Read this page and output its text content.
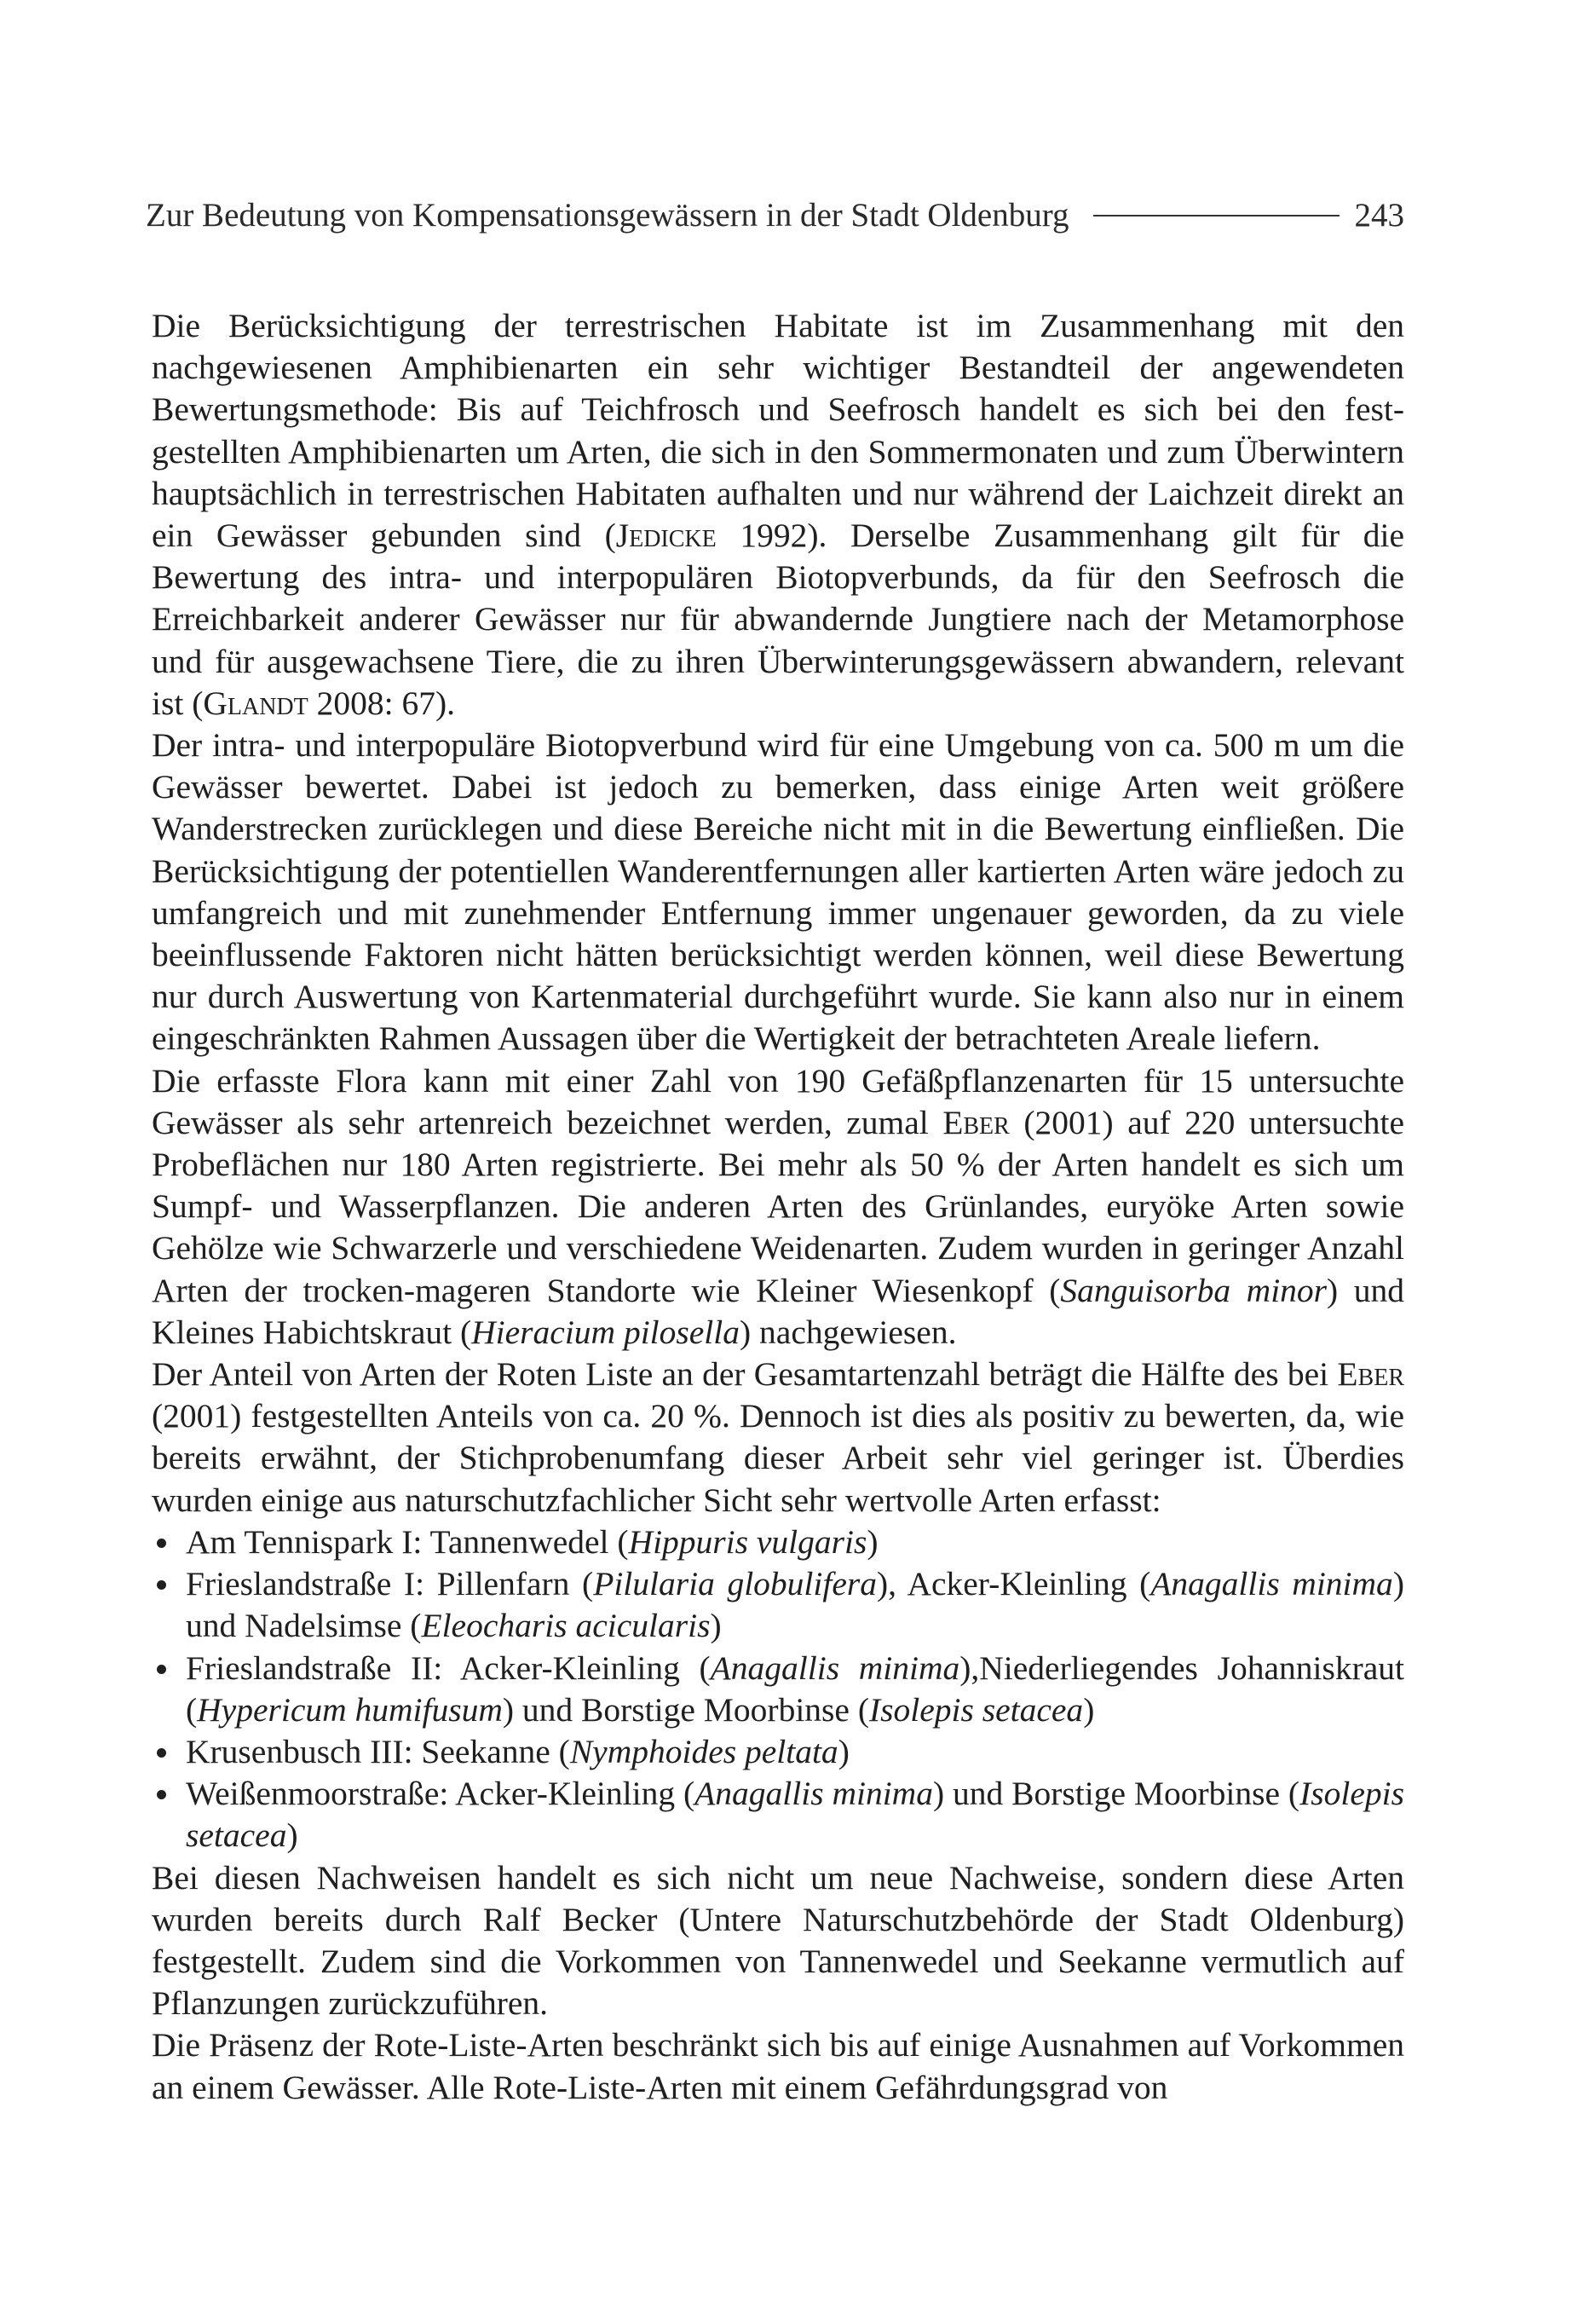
Zur Bedeutung von Kompensationsgewässern in der Stadt Oldenburg	243

Die Berücksichtigung der terrestrischen Habitate ist im Zusammenhang mit den nachgewiesenen Amphibienarten ein sehr wichtiger Bestandteil der angewendeten Bewertungsmethode: Bis auf Teichfrosch und Seefrosch handelt es sich bei den festgestellten Amphibienarten um Arten, die sich in den Sommermonaten und zum Überwintern hauptsächlich in terrestrischen Habitaten aufhalten und nur während der Laichzeit direkt an ein Gewässer gebunden sind (Jedicke 1992). Derselbe Zusammenhang gilt für die Bewertung des intra- und interpopulären Biotopverbunds, da für den Seefrosch die Erreichbarkeit anderer Gewässer nur für abwandernde Jungtiere nach der Metamorphose und für ausgewachsene Tiere, die zu ihren Überwinterungsgewässern abwandern, relevant ist (Glandt 2008: 67).

Der intra- und interpopuläre Biotopverbund wird für eine Umgebung von ca. 500 m um die Gewässer bewertet. Dabei ist jedoch zu bemerken, dass einige Arten weit größere Wanderstrecken zurücklegen und diese Bereiche nicht mit in die Bewertung einfließen. Die Berücksichtigung der potentiellen Wanderentfernungen aller kartierten Arten wäre jedoch zu umfangreich und mit zunehmender Entfernung immer ungenauer geworden, da zu viele beeinflussende Faktoren nicht hätten berücksichtigt werden können, weil diese Bewertung nur durch Auswertung von Kartenmaterial durchgeführt wurde. Sie kann also nur in einem eingeschränkten Rahmen Aussagen über die Wertigkeit der betrachteten Areale liefern.

Die erfasste Flora kann mit einer Zahl von 190 Gefäßpflanzenarten für 15 untersuchte Gewässer als sehr artenreich bezeichnet werden, zumal Eber (2001) auf 220 untersuchte Probeflächen nur 180 Arten registrierte. Bei mehr als 50 % der Arten handelt es sich um Sumpf- und Wasserpflanzen. Die anderen Arten des Grünlandes, euryöke Arten sowie Gehölze wie Schwarzerle und verschiedene Weidenarten. Zudem wurden in geringer Anzahl Arten der trocken-mageren Standorte wie Kleiner Wiesenkopf (Sanguisorba minor) und Kleines Habichtskraut (Hieracium pilosella) nachgewiesen.

Der Anteil von Arten der Roten Liste an der Gesamtartenzahl beträgt die Hälfte des bei Eber (2001) festgestellten Anteils von ca. 20 %. Dennoch ist dies als positiv zu bewerten, da, wie bereits erwähnt, der Stichprobenumfang dieser Arbeit sehr viel geringer ist. Überdies wurden einige aus naturschutzfachlicher Sicht sehr wertvolle Arten erfasst:

Am Tennispark I: Tannenwedel (Hippuris vulgaris)
Frieslandstraße I: Pillenfarn (Pilularia globulifera), Acker-Kleinling (Anagallis minima) und Nadelsimse (Eleocharis acicularis)
Frieslandstraße II: Acker-Kleinling (Anagallis minima),Niederliegendes Johanniskraut (Hypericum humifusum) und Borstige Moorbinse (Isolepis setacea)
Krusenbusch III: Seekanne (Nymphoides peltata)
Weißenmoorstraße: Acker-Kleinling (Anagallis minima) und Borstige Moorbinse (Isolepis setacea)

Bei diesen Nachweisen handelt es sich nicht um neue Nachweise, sondern diese Arten wurden bereits durch Ralf Becker (Untere Naturschutzbehörde der Stadt Oldenburg) festgestellt. Zudem sind die Vorkommen von Tannenwedel und Seekanne vermutlich auf Pflanzungen zurückzuführen.

Die Präsenz der Rote-Liste-Arten beschränkt sich bis auf einige Ausnahmen auf Vorkommen an einem Gewässer. Alle Rote-Liste-Arten mit einem Gefährdungsgrad von
